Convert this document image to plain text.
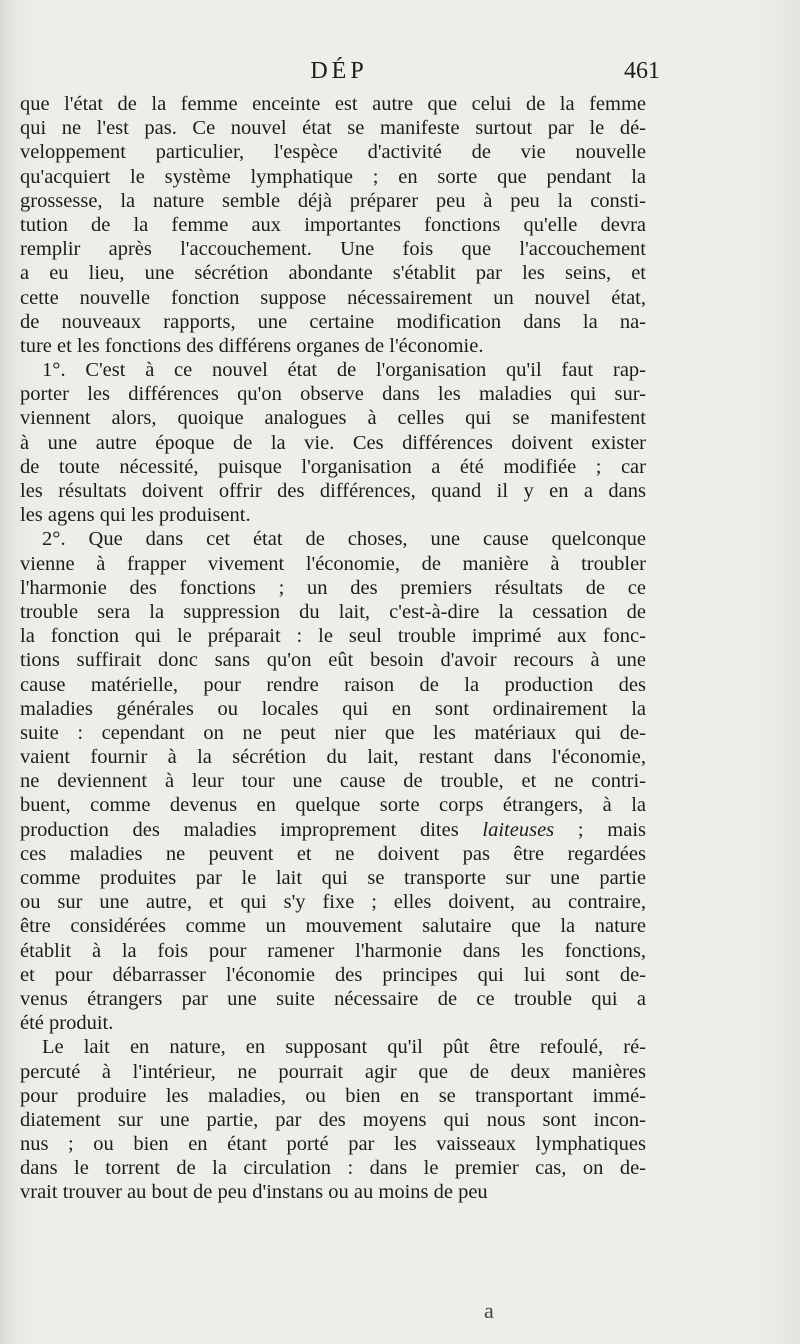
DÉP	461
que l'état de la femme enceinte est autre que celui de la femme
qui ne l'est pas. Ce nouvel état se manifeste surtout par le dé-
veloppement particulier, l'espèce d'activité de vie nouvelle
qu'acquiert le système lymphatique ; en sorte que pendant la
grossesse, la nature semble déjà préparer peu à peu la consti-
tution de la femme aux importantes fonctions qu'elle devra
remplir après l'accouchement. Une fois que l'accouchement
a eu lieu, une sécrétion abondante s'établit par les seins, et
cette nouvelle fonction suppose nécessairement un nouvel état,
de nouveaux rapports, une certaine modification dans la na-
ture et les fonctions des différens organes de l'économie.
1°. C'est à ce nouvel état de l'organisation qu'il faut rap-
porter les différences qu'on observe dans les maladies qui sur-
viennent alors, quoique analogues à celles qui se manifestent
à une autre époque de la vie. Ces différences doivent exister
de toute nécessité, puisque l'organisation a été modifiée ; car
les résultats doivent offrir des différences, quand il y en a dans
les agens qui les produisent.
2°. Que dans cet état de choses, une cause quelconque
vienne à frapper vivement l'économie, de manière à troubler
l'harmonie des fonctions ; un des premiers résultats de ce
trouble sera la suppression du lait, c'est-à-dire la cessation de
la fonction qui le préparait : le seul trouble imprimé aux fonc-
tions suffirait donc sans qu'on eût besoin d'avoir recours à une
cause matérielle, pour rendre raison de la production des
maladies générales ou locales qui en sont ordinairement la
suite : cependant on ne peut nier que les matériaux qui de-
vaient fournir à la sécrétion du lait, restant dans l'économie,
ne deviennent à leur tour une cause de trouble, et ne contri-
buent, comme devenus en quelque sorte corps étrangers, à la
production des maladies improprement dites laiteuses ; mais
ces maladies ne peuvent et ne doivent pas être regardées
comme produites par le lait qui se transporte sur une partie
ou sur une autre, et qui s'y fixe ; elles doivent, au contraire,
être considérées comme un mouvement salutaire que la nature
établit à la fois pour ramener l'harmonie dans les fonctions,
et pour débarrasser l'économie des principes qui lui sont de-
venus étrangers par une suite nécessaire de ce trouble qui a
été produit.
Le lait en nature, en supposant qu'il pût être refoulé, ré-
percuté à l'intérieur, ne pourrait agir que de deux manières
pour produire les maladies, ou bien en se transportant immé-
diatement sur une partie, par des moyens qui nous sont incon-
nus ; ou bien en étant porté par les vaisseaux lymphatiques
dans le torrent de la circulation : dans le premier cas, on de-
vrait trouver au bout de peu d'instans ou au moins de peu
a
